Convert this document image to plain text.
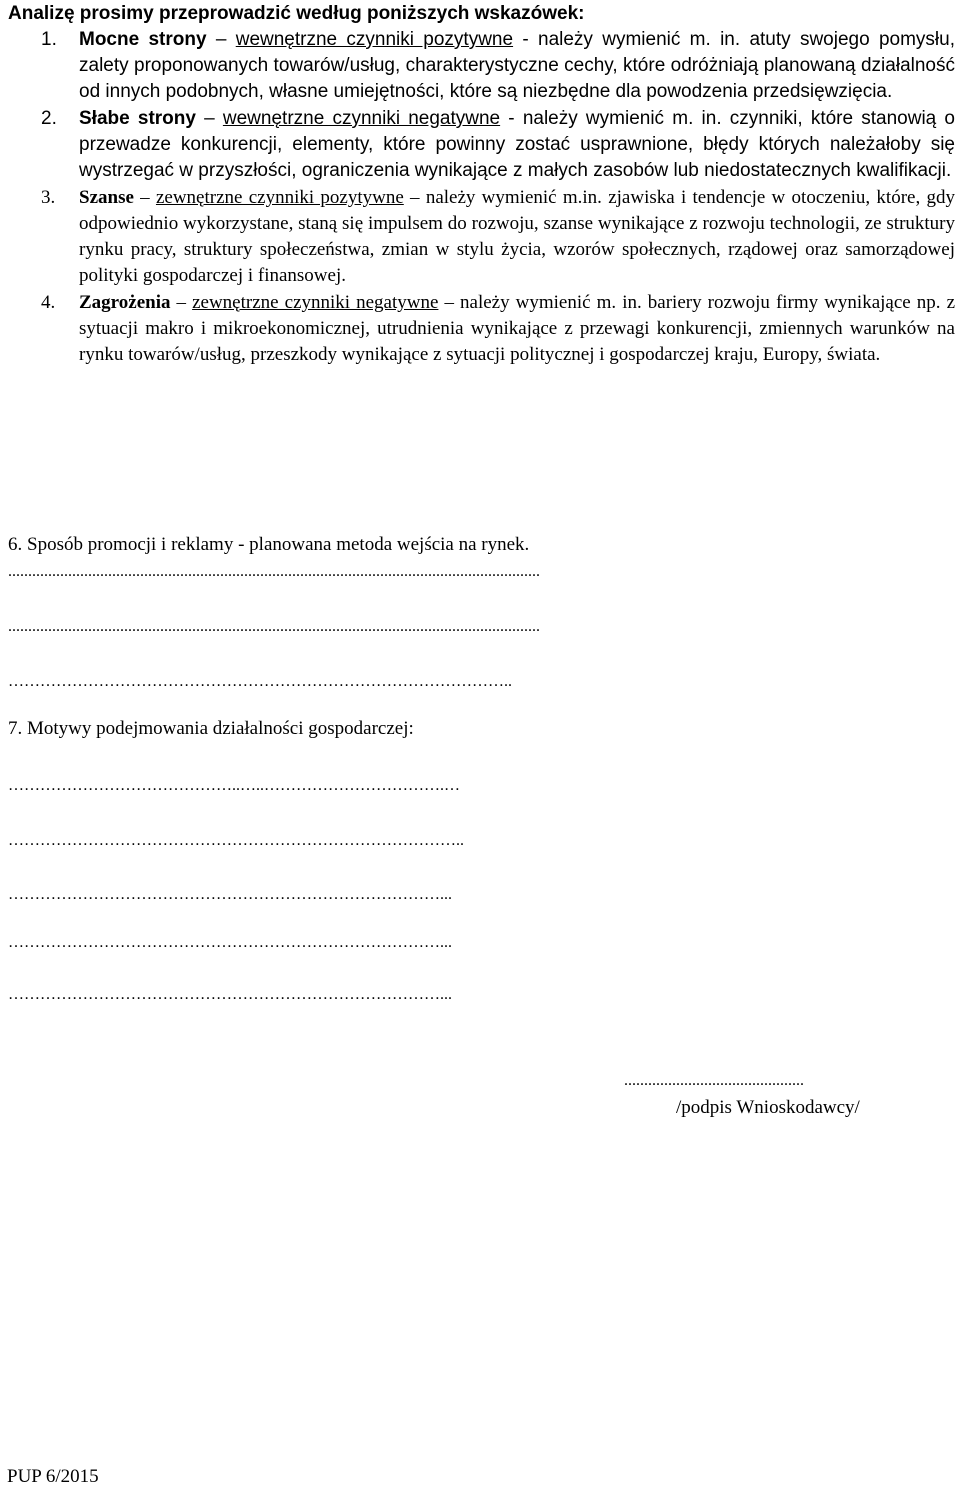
Analizę prosimy przeprowadzić według poniższych wskazówek:
1. Mocne strony – wewnętrzne czynniki pozytywne - należy wymienić m. in. atuty swojego pomysłu, zalety proponowanych towarów/usług, charakterystyczne cechy, które odróżniają planowaną działalność od innych podobnych, własne umiejętności, które są niezbędne dla powodzenia przedsięwzięcia.

2. Słabe strony – wewnętrzne czynniki negatywne - należy wymienić m. in. czynniki, które stanowią o przewadze konkurencji, elementy, które powinny zostać usprawnione, błędy których należałoby się wystrzegać w przyszłości, ograniczenia wynikające z małych zasobów lub niedostatecznych kwalifikacji.

3. Szanse – zewnętrzne czynniki pozytywne – należy wymienić m.in. zjawiska i tendencje w otoczeniu, które, gdy odpowiednio wykorzystane, staną się impulsem do rozwoju, szanse wynikające z rozwoju technologii, ze struktury rynku pracy, struktury społeczeństwa, zmian w stylu życia, wzorów społecznych, rządowej oraz samorządowej polityki gospodarczej i finansowej.

4. Zagrożenia – zewnętrzne czynniki negatywne – należy wymienić m. in. bariery rozwoju firmy wynikające np. z sytuacji makro i mikroekonomicznej, utrudnienia wynikające z przewagi konkurencji, zmiennych warunków na rynku towarów/usług, przeszkody wynikające z sytuacji politycznej i gospodarczej kraju, Europy, świata.

6. Sposób promocji i reklamy - planowana metoda wejścia na rynek.
.....................................................................................................................................
.....................................................................................................................................
…………………………………………………………………………………..
7. Motywy podejmowania działalności gospodarczej:
……………………………………..…..…………………………….…
…………………………………………………………………………..
………………………………………………………………………...
………………………………………………………………………...
………………………………………………………………………...
.............................................
/podpis Wnioskodawcy/
PUP 6/2015
